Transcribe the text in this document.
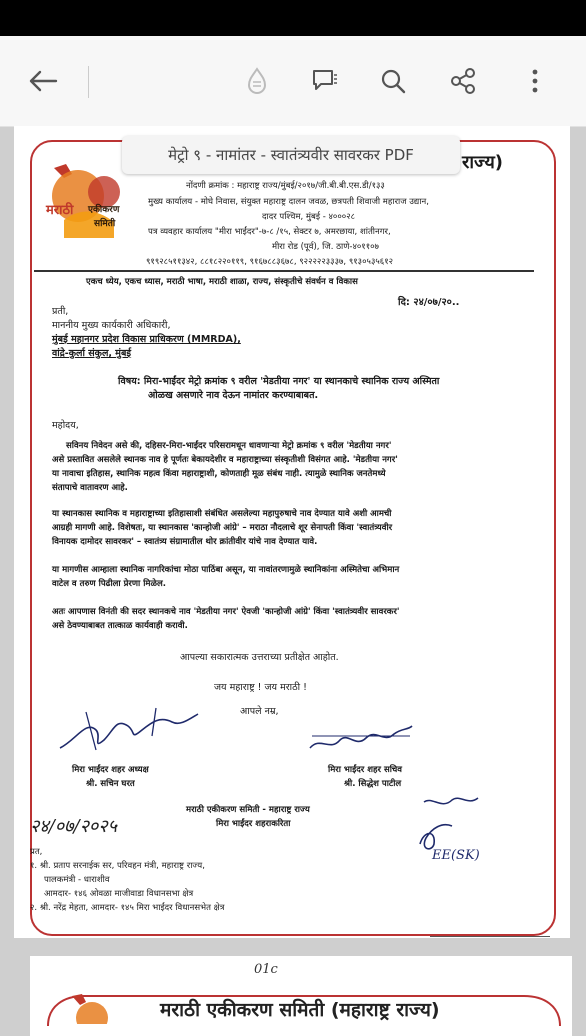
मेट्रो ९ - नामांतर - स्वातंत्र्यवीर सावरकर PDF	राज्य)
मराठी एकीकरण
समिती
नोंदणी क्रमांक : महाराष्ट्र राज्य/मुंबई/२०१७/जी.बी.बी.एस.डी/१३३
मुख्य कार्यालय - मोघे निवास, संयुक्त महाराष्ट्र दालन जवळ, छत्रपती शिवाजी महाराज उद्यान,
दादर पश्चिम, मुंबई - ४०००२८
पत्र व्यवहार कार्यालय "मीरा भाईंदर"-७-८ /१५, सेक्टर ७, अमरछाया, शांतीनगर,
मीरा रोड (पूर्व), जि. ठाणे-४०११०७
९१९२८५११३४२, ८८१८२२०११९, ९१६७८८३६७८, ९२२२२२३३३७, ९१३०५३५६१२
एकच ध्येय, एकच ध्यास, मराठी भाषा, मराठी शाळा, राज्य, संस्कृतीचे संवर्धन व विकास
दि: २४/०७/२०..
प्रती,
माननीय मुख्य कार्यकारी अधिकारी,
मुंबई महानगर प्रदेश विकास प्राधिकरण (MMRDA),
वांद्रे-कुर्ला संकुल, मुंबई
विषय: मिरा-भाईंदर मेट्रो क्रमांक ९ वरील 'मेडतीया नगर' या स्थानकाचे स्थानिक राज्य अस्मिता
ओळख असणारे नाव देऊन नामांतर करण्याबाबत.
महोदय,
सविनय निवेदन असे की, दहिसर-मिरा-भाईंदर परिसरामधून धावणाऱ्या मेट्रो क्रमांक ९ वरील 'मेडतीया नगर'
असे प्रस्तावित असलेले स्थानक नाव हे पूर्णतः बेकायदेशीर व महाराष्ट्राच्या संस्कृतीशी विसंगत आहे. 'मेडतीया नगर'
या नावाचा इतिहास, स्थानिक महत्व किंवा महाराष्ट्राशी, कोणताही मूळ संबंध नाही. त्यामुळे स्थानिक जनतेमध्ये
संतापाचे वातावरण आहे.
या स्थानकास स्थानिक व महाराष्ट्राच्या इतिहासाशी संबंधित असलेल्या महापुरुषाचे नाव देण्यात यावे अशी आमची
आग्रही मागणी आहे. विशेषतः, या स्थानकास 'कान्होजी आंग्रे' – मराठा नौदलाचे शूर सेनापती किंवा 'स्वातंत्र्यवीर
विनायक दामोदर सावरकर' – स्वातंत्र्य संग्रामातील थोर क्रांतीवीर यांचे नाव देण्यात यावे.
या मागणीस आम्हाला स्थानिक नागरिकांचा मोठा पाठिंबा असून, या नावांतरणामुळे स्थानिकांना अस्मितेचा अभिमान
वाटेल व तरुण पिढीला प्रेरणा मिळेल.
अतः आपणास विनंती की सदर स्थानकचे नाव 'मेडतीया नगर' ऐवजी 'कान्होजी आंग्रे' किंवा 'स्वातंत्र्यवीर सावरकर'
असे ठेवण्याबाबत तात्काळ कार्यवाही करावी.
आपल्या सकारात्मक उत्तराच्या प्रतीक्षेत आहोत.
जय महाराष्ट्र ! जय मराठी !
आपले नम्र,
मिरा भाईंदर शहर अध्यक्ष
श्री. सचिन घरत
मिरा भाईंदर शहर सचिव
श्री. सिद्धेश पाटील
मराठी एकीकरण समिती - महाराष्ट्र राज्य
मिरा भाईंदर शहराकरिता
२४/०७/२०२५
EE(SK)
प्रत,
१. श्री. प्रताप सरनाईक सर, परिवहन मंत्री, महाराष्ट्र राज्य,
पालकमंत्री - धाराशीव
आमदार- १४६ ओवळा माजीवाडा विधानसभा क्षेत्र
२. श्री. नरेंद्र मेहता, आमदार- १४५ मिरा भाईंदर विधानसभेत क्षेत्र
01c
मराठी एकीकरण समिती (महाराष्ट्र राज्य)
